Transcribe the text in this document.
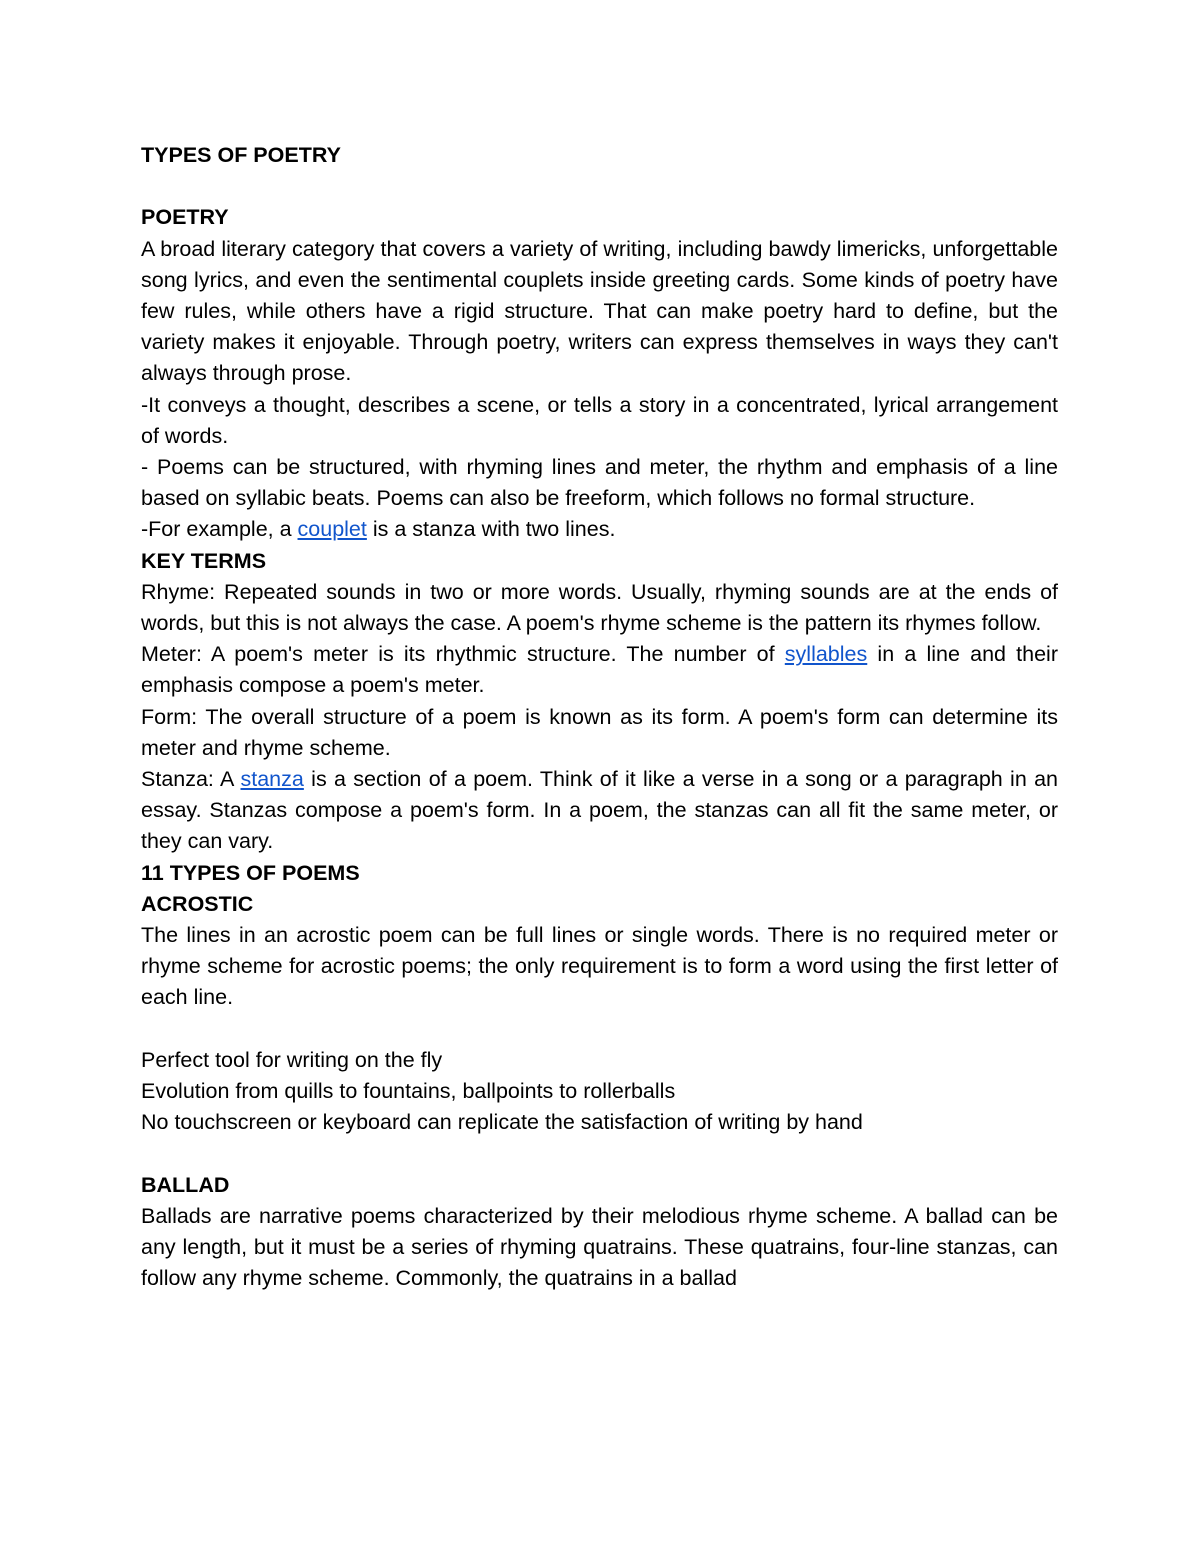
TYPES OF POETRY

POETRY

A broad literary category that covers a variety of writing, including bawdy limericks, unforgettable song lyrics, and even the sentimental couplets inside greeting cards. Some kinds of poetry have few rules, while others have a rigid structure. That can make poetry hard to define, but the variety makes it enjoyable. Through poetry, writers can express themselves in ways they can't always through prose.

-It conveys a thought, describes a scene, or tells a story in a concentrated, lyrical arrangement of words.

- Poems can be structured, with rhyming lines and meter, the rhythm and emphasis of a line based on syllabic beats. Poems can also be freeform, which follows no formal structure.

-For example, a couplet is a stanza with two lines.

KEY TERMS

Rhyme: Repeated sounds in two or more words. Usually, rhyming sounds are at the ends of words, but this is not always the case. A poem's rhyme scheme is the pattern its rhymes follow.

Meter: A poem's meter is its rhythmic structure. The number of syllables in a line and their emphasis compose a poem's meter.

Form: The overall structure of a poem is known as its form. A poem's form can determine its meter and rhyme scheme.

Stanza: A stanza is a section of a poem. Think of it like a verse in a song or a paragraph in an essay. Stanzas compose a poem's form. In a poem, the stanzas can all fit the same meter, or they can vary.

11 TYPES OF POEMS

ACROSTIC

The lines in an acrostic poem can be full lines or single words. There is no required meter or rhyme scheme for acrostic poems; the only requirement is to form a word using the first letter of each line.

Perfect tool for writing on the fly

Evolution from quills to fountains, ballpoints to rollerballs

No touchscreen or keyboard can replicate the satisfaction of writing by hand

BALLAD

Ballads are narrative poems characterized by their melodious rhyme scheme. A ballad can be any length, but it must be a series of rhyming quatrains. These quatrains, four-line stanzas, can follow any rhyme scheme. Commonly, the quatrains in a ballad
